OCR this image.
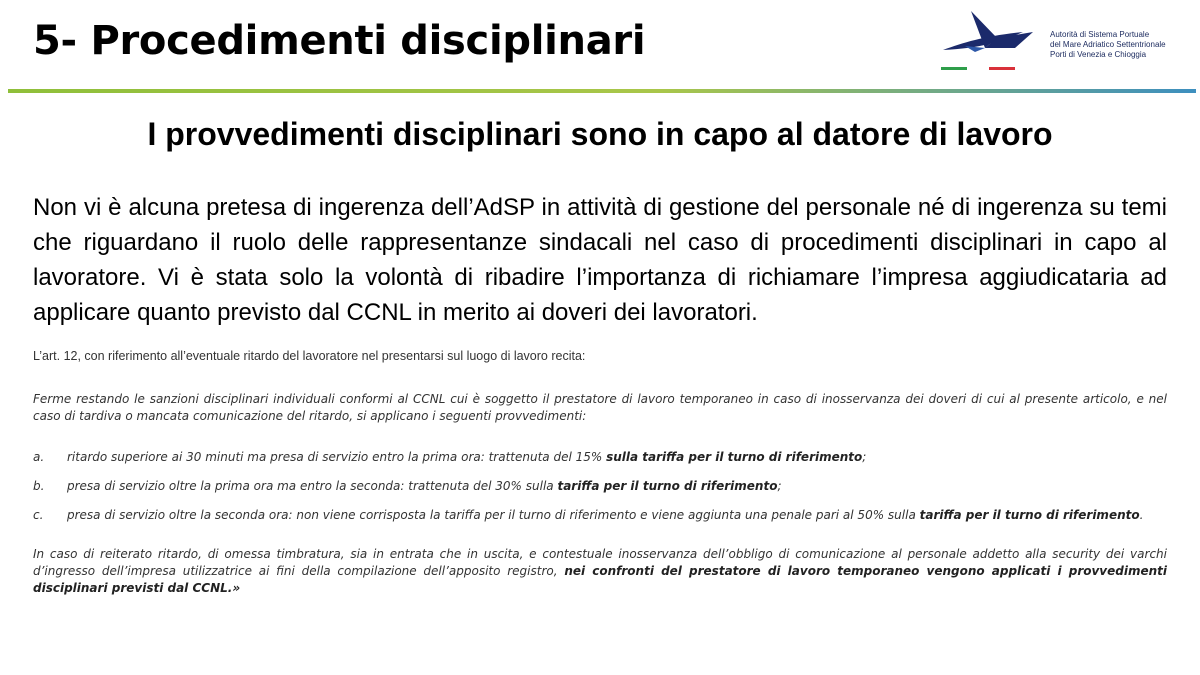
5- Procedimenti disciplinari	Autorità di Sistema Portuale
del Mare Adriatico Settentrionale
Porti di Venezia e Chioggia
I provvedimenti disciplinari sono in capo al datore di lavoro
Non vi è alcuna pretesa di ingerenza dell’AdSP in attività di gestione del personale né di ingerenza su temi che riguardano il ruolo delle rappresentanze sindacali nel caso di procedimenti disciplinari in capo al lavoratore. Vi è stata solo la volontà di ribadire l’importanza di richiamare l’impresa aggiudicataria ad applicare quanto previsto dal CCNL in merito ai doveri dei lavoratori.
L’art. 12, con riferimento all’eventuale ritardo del lavoratore nel presentarsi sul luogo di lavoro recita:
Ferme restando le sanzioni disciplinari individuali conformi al CCNL cui è soggetto il prestatore di lavoro temporaneo in caso di inosservanza dei doveri di cui al presente articolo, e nel caso di tardiva o mancata comunicazione del ritardo, si applicano i seguenti provvedimenti:
a. ritardo superiore ai 30 minuti ma presa di servizio entro la prima ora: trattenuta del 15% sulla tariffa per il turno di riferimento;
b. presa di servizio oltre la prima ora ma entro la seconda: trattenuta del 30% sulla tariffa per il turno di riferimento;
c. presa di servizio oltre la seconda ora: non viene corrisposta la tariffa per il turno di riferimento e viene aggiunta una penale pari al 50% sulla tariffa per il turno di riferimento.
In caso di reiterato ritardo, di omessa timbratura, sia in entrata che in uscita, e contestuale inosservanza dell’obbligo di comunicazione al personale addetto alla security dei varchi d’ingresso dell’impresa utilizzatrice ai fini della compilazione dell’apposito registro, nei confronti del prestatore di lavoro temporaneo vengono applicati i provvedimenti disciplinari previsti dal CCNL.»
